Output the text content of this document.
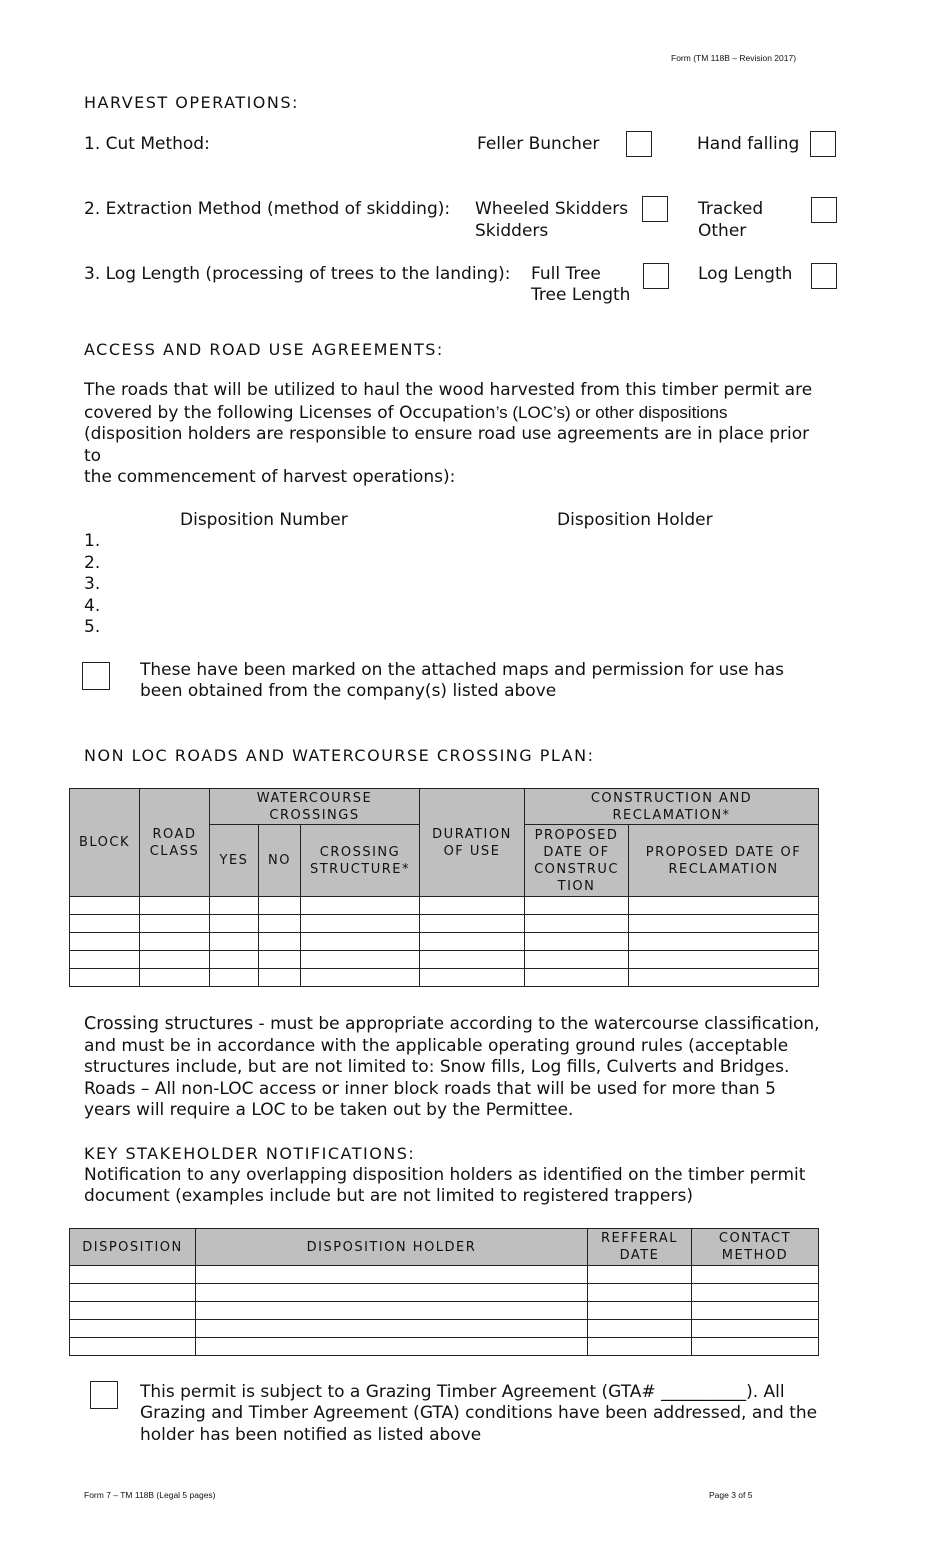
Form (TM 118B – Revision 2017)
HARVEST OPERATIONS:
1. Cut Method:	Feller Buncher	Hand falling
2. Extraction Method (method of skidding): Wheeled Skidders
Skidders
Tracked
Other
3. Log Length (processing of trees to the landing): Full Tree
Tree Length
Log Length
ACCESS AND ROAD USE AGREEMENTS:
The roads that will be utilized to haul the wood harvested from this timber permit are
covered by the following Licenses of Occupation’s (LOC’s) or other dispositions
(disposition holders are responsible to ensure road use agreements are in place prior to
the commencement of harvest operations):
Disposition Number	Disposition Holder
1.
2.
3.
4.
5.
These have been marked on the attached maps and permission for use has
been obtained from the company(s) listed above
NON LOC ROADS AND WATERCOURSE CROSSING PLAN:
BLOCK	ROAD CLASS	WATERCOURSE CROSSINGS			DURATION OF USE	CONSTRUCTION AND RECLAMATION*	
		YES	NO	CROSSING STRUCTURE*		PROPOSED DATE OF CONSTRUC TION	PROPOSED DATE OF RECLAMATION

Crossing structures - must be appropriate according to the watercourse classification,
and must be in accordance with the applicable operating ground rules (acceptable
structures include, but are not limited to: Snow fills, Log fills, Culverts and Bridges.
Roads – All non-LOC access or inner block roads that will be used for more than 5
years will require a LOC to be taken out by the Permittee.
KEY STAKEHOLDER NOTIFICATIONS:
Notification to any overlapping disposition holders as identified on the timber permit
document (examples include but are not limited to registered trappers)
DISPOSITION	DISPOSITION HOLDER	REFFERAL DATE	CONTACT METHOD

This permit is subject to a Grazing Timber Agreement (GTA# __________). All
Grazing and Timber Agreement (GTA) conditions have been addressed, and the
holder has been notified as listed above
Form 7 – TM 118B (Legal 5 pages)	Page 3 of 5
